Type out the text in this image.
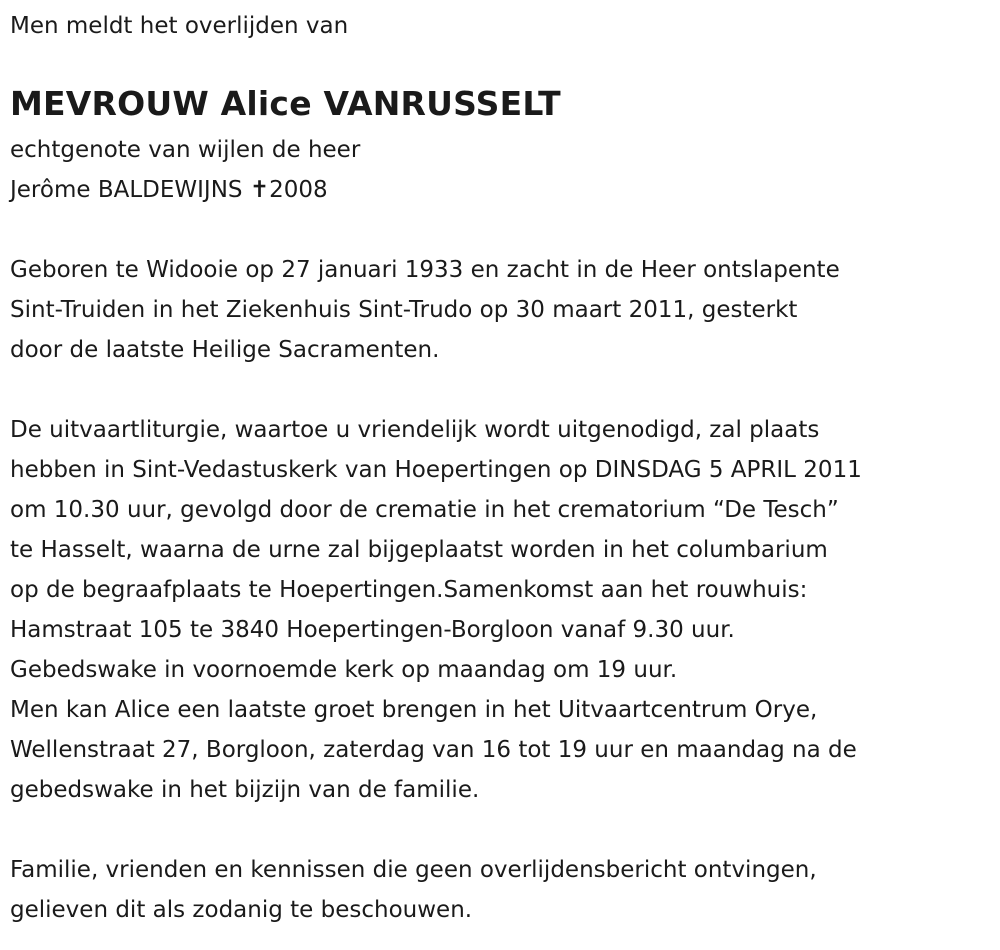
Men meldt het overlijden van
MEVROUW Alice VANRUSSELT
echtgenote van wijlen de heer
Jerôme BALDEWIJNS ✝2008
Geboren te Widooie op 27 januari 1933 en zacht in de Heer ontslapente
Sint-Truiden in het Ziekenhuis Sint-Trudo op 30 maart 2011, gesterkt
door de laatste Heilige Sacramenten.
De uitvaartliturgie, waartoe u vriendelijk wordt uitgenodigd, zal plaats
hebben in Sint-Vedastuskerk van Hoepertingen op DINSDAG 5 APRIL 2011
om 10.30 uur, gevolgd door de crematie in het crematorium “De Tesch”
te Hasselt, waarna de urne zal bijgeplaatst worden in het columbarium
op de begraafplaats te Hoepertingen.Samenkomst aan het rouwhuis:
Hamstraat 105 te 3840 Hoepertingen-Borgloon vanaf 9.30 uur.
Gebedswake in voornoemde kerk op maandag om 19 uur.
Men kan Alice een laatste groet brengen in het Uitvaartcentrum Orye,
Wellenstraat 27, Borgloon, zaterdag van 16 tot 19 uur en maandag na de
gebedswake in het bijzijn van de familie.
Familie, vrienden en kennissen die geen overlijdensbericht ontvingen,
gelieven dit als zodanig te beschouwen.
